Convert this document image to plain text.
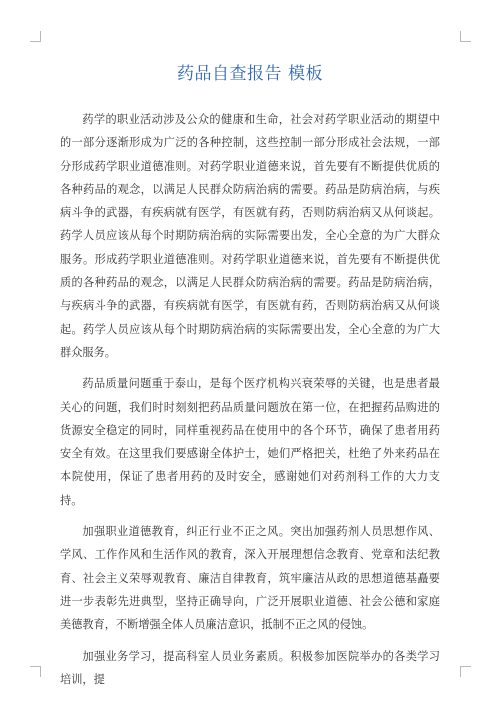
药品自查报告 模板

药学的职业活动涉及公众的健康和生命，社会对药学职业活动的期望中的一部分逐渐形成为广泛的各种控制，这些控制一部分形成社会法规，一部分形成药学职业道德准则。对药学职业道德来说，首先要有不断提供优质的各种药品的观念，以满足人民群众防病治病的需要。药品是防病治病，与疾病斗争的武器，有疾病就有医学，有医就有药，否则防病治病又从何谈起。药学人员应该从每个时期防病治病的实际需要出发，全心全意的为广大群众服务。形成药学职业道德准则。对药学职业道德来说，首先要有不断提供优质的各种药品的观念，以满足人民群众防病治病的需要。药品是防病治病，与疾病斗争的武器，有疾病就有医学，有医就有药，否则防病治病又从何谈起。药学人员应该从每个时期防病治病的实际需要出发，全心全意的为广大群众服务。

药品质量问题重于泰山，是每个医疗机构兴衰荣辱的关键，也是患者最关心的问题，我们时时刻刻把药品质量问题放在第一位，在把握药品购进的货源安全稳定的同时，同样重视药品在使用中的各个环节，确保了患者用药安全有效。在这里我们要感谢全体护士，她们严格把关，杜绝了外来药品在本院使用，保证了患者用药的及时安全，感谢她们对药剂科工作的大力支持。

加强职业道德教育，纠正行业不正之风。突出加强药剂人员思想作风、学风、工作作风和生活作风的教育，深入开展理想信念教育、党章和法纪教育、社会主义荣辱观教育、廉洁自律教育，筑牢廉洁从政的思想道德基矗要进一步表彰先进典型，坚持正确导向，广泛开展职业道德、社会公德和家庭美德教育，不断增强全体人员廉洁意识，抵制不正之风的侵蚀。

加强业务学习，提高科室人员业务素质。积极参加医院举办的各类学习培训，提
